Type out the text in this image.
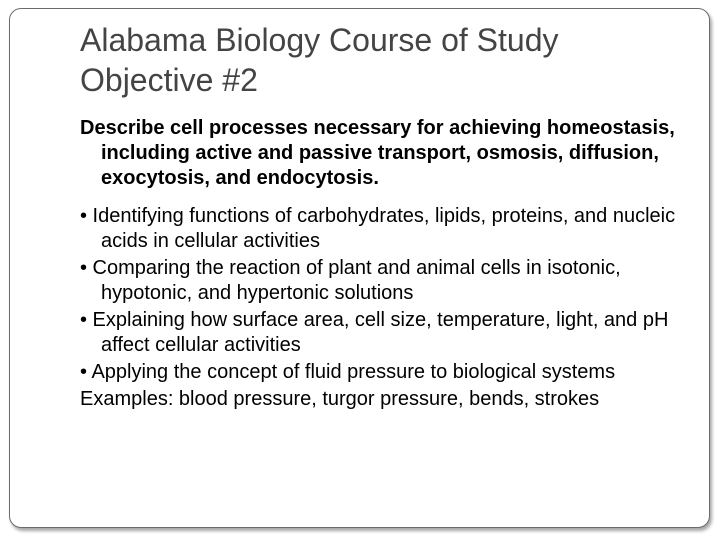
Alabama Biology Course of Study
Objective #2

Describe cell processes necessary for achieving homeostasis, including active and passive transport, osmosis, diffusion, exocytosis, and endocytosis.

• Identifying functions of carbohydrates, lipids, proteins, and nucleic acids in cellular activities

• Comparing the reaction of plant and animal cells in isotonic, hypotonic, and hypertonic solutions

• Explaining how surface area, cell size, temperature, light, and pH affect cellular activities

• Applying the concept of fluid pressure to biological systems

Examples: blood pressure, turgor pressure, bends, strokes
